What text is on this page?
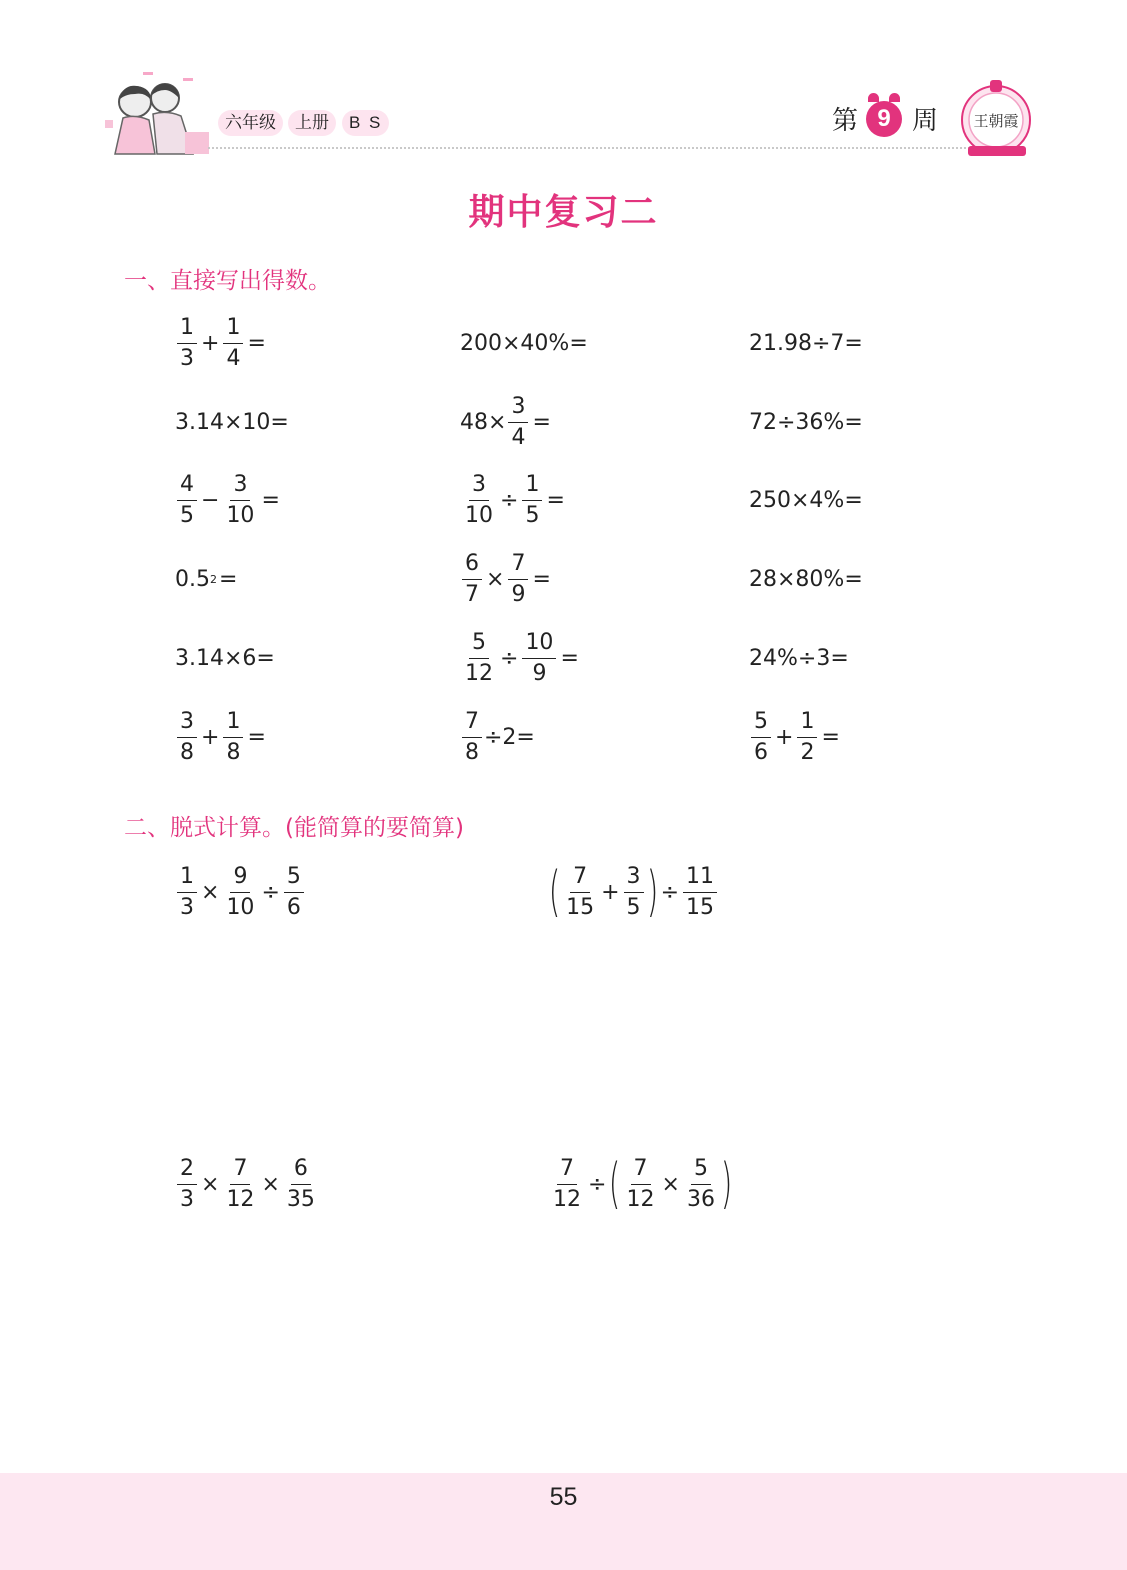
六年级	上册	B S	第 9 周	王朝霞
期中复习二
一、直接写出得数。
$\frac{1}{3} + \frac{1}{4}$ =	200×40%=	21.98÷7=
3.14×10=	$48\times \frac{3}{4}$ =	72÷36%=
$\frac{4}{5} - \frac{3}{10}$ =	$\frac{3}{10} \div \frac{1}{5}$ =	250×4%=
0.5 2 =	$\frac{6}{7} \times \frac{7}{9}$ =	28×80%=
3.14×6=	$\frac{5}{12} \div \frac{10}{9}$ =	24%÷3=
$\frac{3}{8} + \frac{1}{8}$ =	$\frac{7}{8} \div 2=$	$\frac{5}{6} + \frac{1}{2}$ =
二、脱式计算。(能简算的要简算)
$\frac{1}{3} \times \frac{9}{10} \div \frac{5}{6}$	( $\frac{7}{15} + \frac{3}{5}$ ) ÷ $\frac{11}{15}$
$\frac{2}{3} \times \frac{7}{12} \times \frac{6}{35}$	$\frac{7}{12}$ ÷ ( $\frac{7}{12} \times \frac{5}{36}$ )
55
